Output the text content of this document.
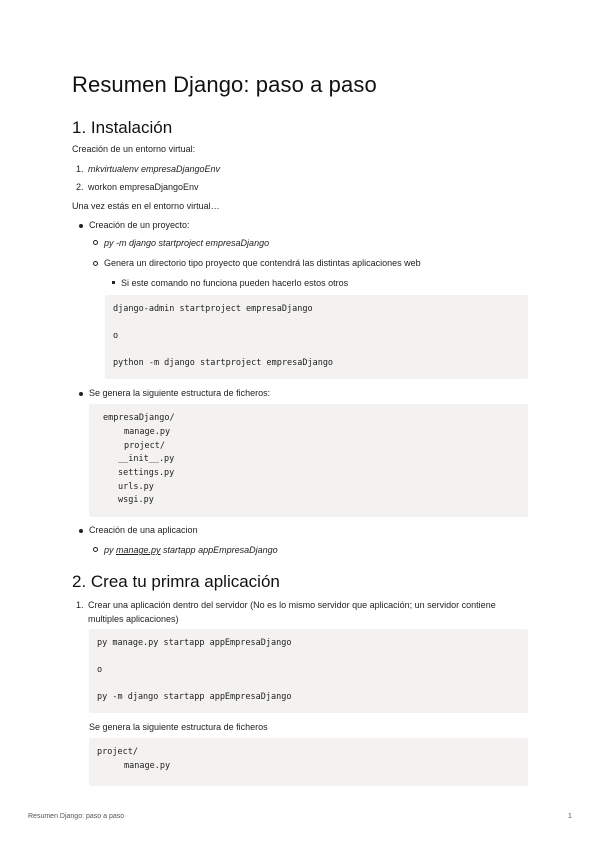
Resumen Django: paso a paso
1. Instalación
Creación de un entorno virtual:
1. mkvirtualenv empresaDjangoEnv
2. workon empresaDjangoEnv
Una vez estás en el entorno virtual…
Creación de un proyecto:
py -m django startproject empresaDjango
Genera un directorio tipo proyecto que contendrá las distintas aplicaciones web
Si este comando no funciona pueden hacerlo estos otros
django-admin startproject empresaDjango
o
python -m django startproject empresaDjango
Se genera la siguiente estructura de ficheros:
empresaDjango/
manage.py
project/
__init__.py
settings.py
urls.py
wsgi.py
Creación de una aplicacion
py manage.py startapp appEmpresaDjango
2. Crea tu primra aplicación
1. Crear una aplicación dentro del servidor (No es lo mismo servidor que aplicación; un servidor contiene
multiples aplicaciones)
py manage.py startapp appEmpresaDjango
o
py -m django startapp appEmpresaDjango
Se genera la siguiente estructura de ficheros
project/
manage.py
Resumen Django: paso a paso	1
